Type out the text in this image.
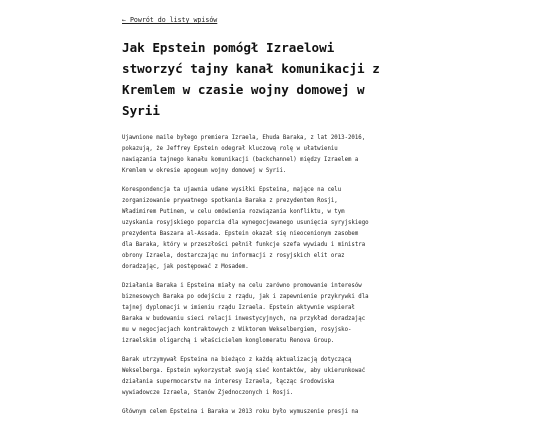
← Powrót do listy wpisów
Jak Epstein pomógł Izraelowi
stworzyć tajny kanał komunikacji z
Kremlem w czasie wojny domowej w
Syrii

Ujawnione maile byłego premiera Izraela, Ehuda Baraka, z lat 2013-2016,
pokazują, że Jeffrey Epstein odegrał kluczową rolę w ułatwieniu
nawiązania tajnego kanału komunikacji (backchannel) między Izraelem a
Kremlem w okresie apogeum wojny domowej w Syrii.

Korespondencja ta ujawnia udane wysiłki Epsteina, mające na celu
zorganizowanie prywatnego spotkania Baraka z prezydentem Rosji,
Władimirem Putinem, w celu omówienia rozwiązania konfliktu, w tym
uzyskania rosyjskiego poparcia dla wynegocjowanego usunięcia syryjskiego
prezydenta Baszara al-Assada. Epstein okazał się nieocenionym zasobem
dla Baraka, który w przeszłości pełnił funkcje szefa wywiadu i ministra
obrony Izraela, dostarczając mu informacji z rosyjskich elit oraz
doradzając, jak postępować z Mosadem.

Działania Baraka i Epsteina miały na celu zarówno promowanie interesów
biznesowych Baraka po odejściu z rządu, jak i zapewnienie przykrywki dla
tajnej dyplomacji w imieniu rządu Izraela. Epstein aktywnie wspierał
Baraka w budowaniu sieci relacji inwestycyjnych, na przykład doradzając
mu w negocjacjach kontraktowych z Wiktorem Wekselbergiem, rosyjsko-
izraelskim oligarchą i właścicielem konglomeratu Renova Group.

Barak utrzymywał Epsteina na bieżąco z każdą aktualizacją dotyczącą
Wekselberga. Epstein wykorzystał swoją sieć kontaktów, aby ukierunkować
działania supermocarstw na interesy Izraela, łącząc środowiska
wywiadowcze Izraela, Stanów Zjednoczonych i Rosji.

Głównym celem Epsteina i Baraka w 2013 roku było wymuszenie presji na
